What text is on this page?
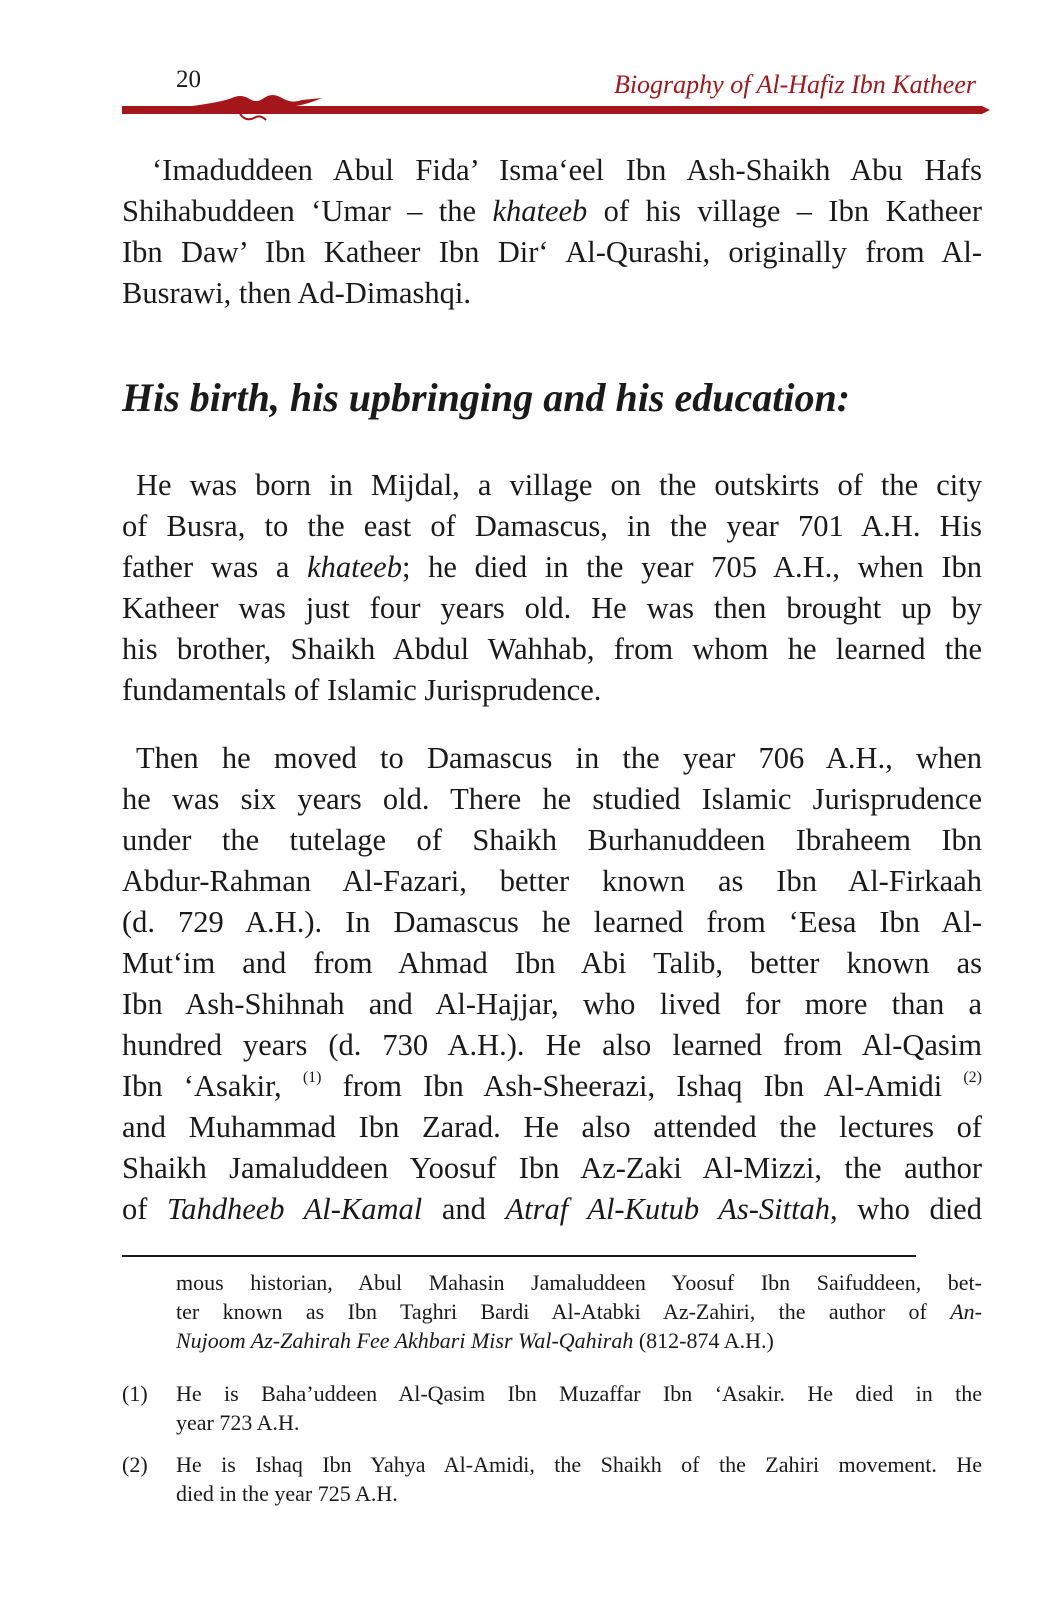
20	Biography of Al-Hafiz Ibn Katheer
‘Imaduddeen Abul Fida’ Isma‘eel Ibn Ash-Shaikh Abu Hafs
Shihabuddeen ‘Umar – the khateeb of his village – Ibn Katheer
Ibn Daw’ Ibn Katheer Ibn Dir‘ Al-Qurashi, originally from Al-
Busrawi, then Ad-Dimashqi.
His birth, his upbringing and his education:
He was born in Mijdal, a village on the outskirts of the city
of Busra, to the east of Damascus, in the year 701 A.H. His
father was a khateeb; he died in the year 705 A.H., when Ibn
Katheer was just four years old. He was then brought up by
his brother, Shaikh Abdul Wahhab, from whom he learned the
fundamentals of Islamic Jurisprudence.
Then he moved to Damascus in the year 706 A.H., when
he was six years old. There he studied Islamic Jurisprudence
under the tutelage of Shaikh Burhanuddeen Ibraheem Ibn
Abdur-Rahman Al-Fazari, better known as Ibn Al-Firkaah
(d. 729 A.H.). In Damascus he learned from ‘Eesa Ibn Al-
Mut‘im and from Ahmad Ibn Abi Talib, better known as
Ibn Ash-Shihnah and Al-Hajjar, who lived for more than a
hundred years (d. 730 A.H.). He also learned from Al-Qasim
Ibn ‘Asakir, $^{(1)}$ from Ibn Ash-Sheerazi, Ishaq Ibn Al-Amidi $^{(2)}$
and Muhammad Ibn Zarad. He also attended the lectures of
Shaikh Jamaluddeen Yoosuf Ibn Az-Zaki Al-Mizzi, the author
of Tahdheeb Al-Kamal and Atraf Al-Kutub As-Sittah, who died
mous historian, Abul Mahasin Jamaluddeen Yoosuf Ibn Saifuddeen, bet-
ter known as Ibn Taghri Bardi Al-Atabki Az-Zahiri, the author of An-
Nujoom Az-Zahirah Fee Akhbari Misr Wal-Qahirah (812-874 A.H.)
(1)	He is Baha’uddeen Al-Qasim Ibn Muzaffar Ibn ‘Asakir. He died in the
year 723 A.H.
(2)	He is Ishaq Ibn Yahya Al-Amidi, the Shaikh of the Zahiri movement. He
died in the year 725 A.H.
